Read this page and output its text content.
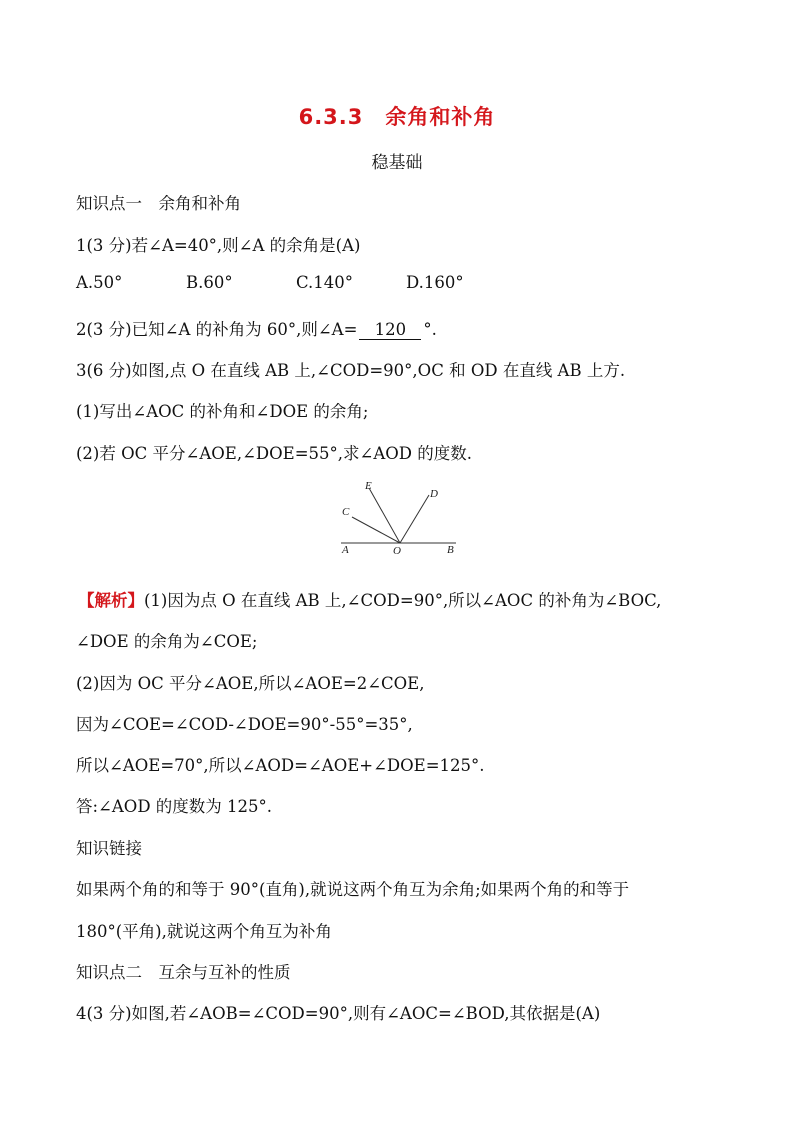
6.3.3 余角和补角
稳基础
知识点一　余角和补角
1(3 分)若∠A=40°,则∠A 的余角是(A)
A.50°	B.60°	C.140°	D.160°
2(3 分)已知∠A 的补角为 60°,则∠A= 120 °.
3(6 分)如图,点 O 在直线 AB 上,∠COD=90°,OC 和 OD 在直线 AB 上方.
(1)写出∠AOC 的补角和∠DOE 的余角;
(2)若 OC 平分∠AOE,∠DOE=55°,求∠AOD 的度数.
E
D
C
A	O	B
【解析】(1)因为点 O 在直线 AB 上,∠COD=90°,所以∠AOC 的补角为∠BOC,
∠DOE 的余角为∠COE;
(2)因为 OC 平分∠AOE,所以∠AOE=2∠COE,
因为∠COE=∠COD-∠DOE=90°-55°=35°,
所以∠AOE=70°,所以∠AOD=∠AOE+∠DOE=125°.
答:∠AOD 的度数为 125°.
知识链接
如果两个角的和等于 90°(直角),就说这两个角互为余角;如果两个角的和等于
180°(平角),就说这两个角互为补角
知识点二　互余与互补的性质
4(3 分)如图,若∠AOB=∠COD=90°,则有∠AOC=∠BOD,其依据是(A)
